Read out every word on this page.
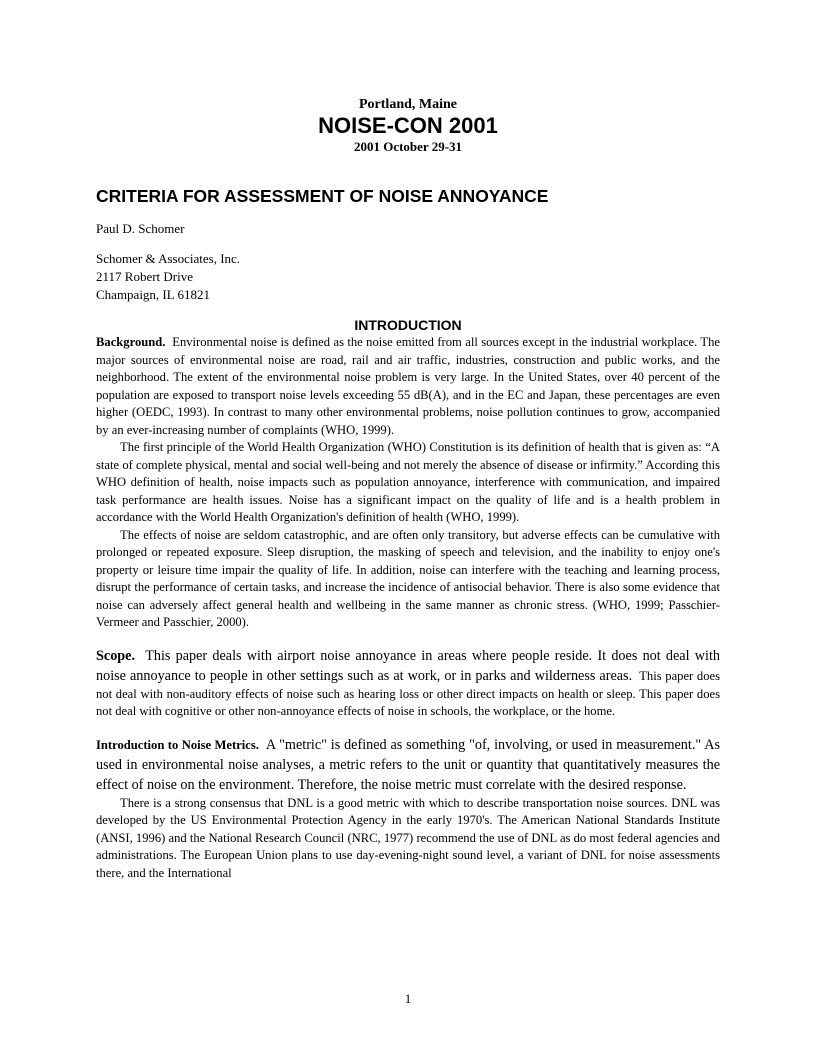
Portland, Maine
NOISE-CON 2001
2001 October 29-31
CRITERIA FOR ASSESSMENT OF NOISE ANNOYANCE
Paul D. Schomer
Schomer & Associates, Inc.
2117 Robert Drive
Champaign, IL 61821
INTRODUCTION

Background. Environmental noise is defined as the noise emitted from all sources except in the industrial workplace. The major sources of environmental noise are road, rail and air traffic, industries, construction and public works, and the neighborhood. The extent of the environmental noise problem is very large. In the United States, over 40 percent of the population are exposed to transport noise levels exceeding 55 dB(A), and in the EC and Japan, these percentages are even higher (OEDC, 1993). In contrast to many other environmental problems, noise pollution continues to grow, accompanied by an ever-increasing number of complaints (WHO, 1999).

The first principle of the World Health Organization (WHO) Constitution is its definition of health that is given as: “A state of complete physical, mental and social well-being and not merely the absence of disease or infirmity.” According this WHO definition of health, noise impacts such as population annoyance, interference with communication, and impaired task performance are health issues. Noise has a significant impact on the quality of life and is a health problem in accordance with the World Health Organization's definition of health (WHO, 1999).

The effects of noise are seldom catastrophic, and are often only transitory, but adverse effects can be cumulative with prolonged or repeated exposure. Sleep disruption, the masking of speech and television, and the inability to enjoy one's property or leisure time impair the quality of life. In addition, noise can interfere with the teaching and learning process, disrupt the performance of certain tasks, and increase the incidence of antisocial behavior. There is also some evidence that noise can adversely affect general health and wellbeing in the same manner as chronic stress. (WHO, 1999; Passchier-Vermeer and Passchier, 2000).

Scope. This paper deals with airport noise annoyance in areas where people reside. It does not deal with noise annoyance to people in other settings such as at work, or in parks and wilderness areas. This paper does not deal with non-auditory effects of noise such as hearing loss or other direct impacts on health or sleep. This paper does not deal with cognitive or other non-annoyance effects of noise in schools, the workplace, or the home.

Introduction to Noise Metrics. A "metric" is defined as something "of, involving, or used in measurement." As used in environmental noise analyses, a metric refers to the unit or quantity that quantitatively measures the effect of noise on the environment. Therefore, the noise metric must correlate with the desired response.

There is a strong consensus that DNL is a good metric with which to describe transportation noise sources. DNL was developed by the US Environmental Protection Agency in the early 1970's. The American National Standards Institute (ANSI, 1996) and the National Research Council (NRC, 1977) recommend the use of DNL as do most federal agencies and administrations. The European Union plans to use day-evening-night sound level, a variant of DNL for noise assessments there, and the International

1
